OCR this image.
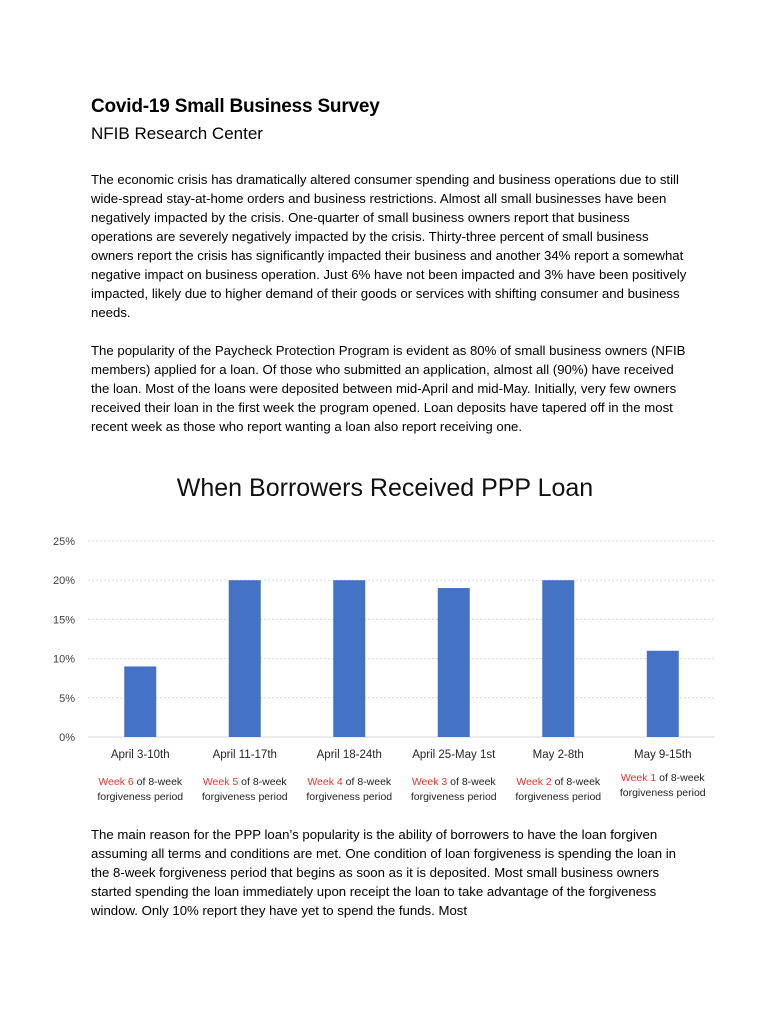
Covid-19 Small Business Survey
NFIB Research Center

The economic crisis has dramatically altered consumer spending and business operations due to still wide-spread stay-at-home orders and business restrictions. Almost all small businesses have been negatively impacted by the crisis. One-quarter of small business owners report that business operations are severely negatively impacted by the crisis. Thirty-three percent of small business owners report the crisis has significantly impacted their business and another 34% report a somewhat negative impact on business operation. Just 6% have not been impacted and 3% have been positively impacted, likely due to higher demand of their goods or services with shifting consumer and business needs.

The popularity of the Paycheck Protection Program is evident as 80% of small business owners (NFIB members) applied for a loan. Of those who submitted an application, almost all (90%) have received the loan. Most of the loans were deposited between mid-April and mid-May. Initially, very few owners received their loan in the first week the program opened. Loan deposits have tapered off in the most recent week as those who report wanting a loan also report receiving one.

When Borrowers Received PPP Loan
0%
5%
10%
15%
20%
25%
April 3-10th	April 11-17th	April 18-24th	April 25-May 1st	May 2-8th	May 9-15th
Week 6 of 8-week
forgiveness period
Week 5 of 8-week
forgiveness period
Week 4 of 8-week
forgiveness period
Week 3 of 8-week
forgiveness period
Week 2 of 8-week
forgiveness period
Week 1 of 8-week
forgiveness period

The main reason for the PPP loan’s popularity is the ability of borrowers to have the loan forgiven assuming all terms and conditions are met. One condition of loan forgiveness is spending the loan in the 8-week forgiveness period that begins as soon as it is deposited. Most small business owners started spending the loan immediately upon receipt the loan to take advantage of the forgiveness window. Only 10% report they have yet to spend the funds. Most
